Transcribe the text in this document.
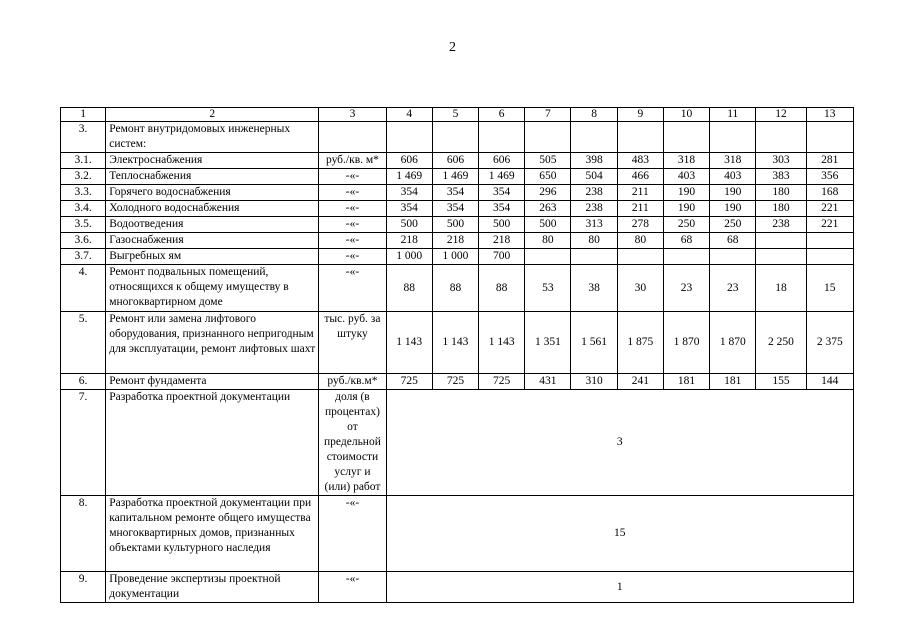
2
1	2	3	4	5	6	7	8	9	10	11	12	13
3.	Ремонт внутридомовых инженерных систем:											
3.1.	Электроснабжения	руб./кв. м*	606	606	606	505	398	483	318	318	303	281
3.2.	Теплоснабжения	-«-	1 469	1 469	1 469	650	504	466	403	403	383	356
3.3.	Горячего водоснабжения	-«-	354	354	354	296	238	211	190	190	180	168
3.4.	Холодного водоснабжения	-«-	354	354	354	263	238	211	190	190	180	221
3.5.	Водоотведения	-«-	500	500	500	500	313	278	250	250	238	221
3.6.	Газоснабжения	-«-	218	218	218	80	80	80	68	68		
3.7.	Выгребных ям	-«-	1 000	1 000	700							
4.	Ремонт подвальных помещений, относящихся к общему имуществу в многоквартирном доме	-«-	88	88	88	53	38	30	23	23	18	15
5.	Ремонт или замена лифтового оборудования, признанного непригодным для эксплуатации, ремонт лифтовых шахт	тыс. руб. за штуку	1 143	1 143	1 143	1 351	1 561	1 875	1 870	1 870	2 250	2 375
6.	Ремонт фундамента	руб./кв.м*	725	725	725	431	310	241	181	181	155	144
7.	Разработка проектной документации	доля (в процентах) от предельной стоимости услуг и (или) работ	3									
8.	Разработка проектной документации при капитальном ремонте общего имущества многоквартирных домов, признанных объектами культурного наследия	-«-	15									
9.	Проведение экспертизы проектной документации	-«-	1									
